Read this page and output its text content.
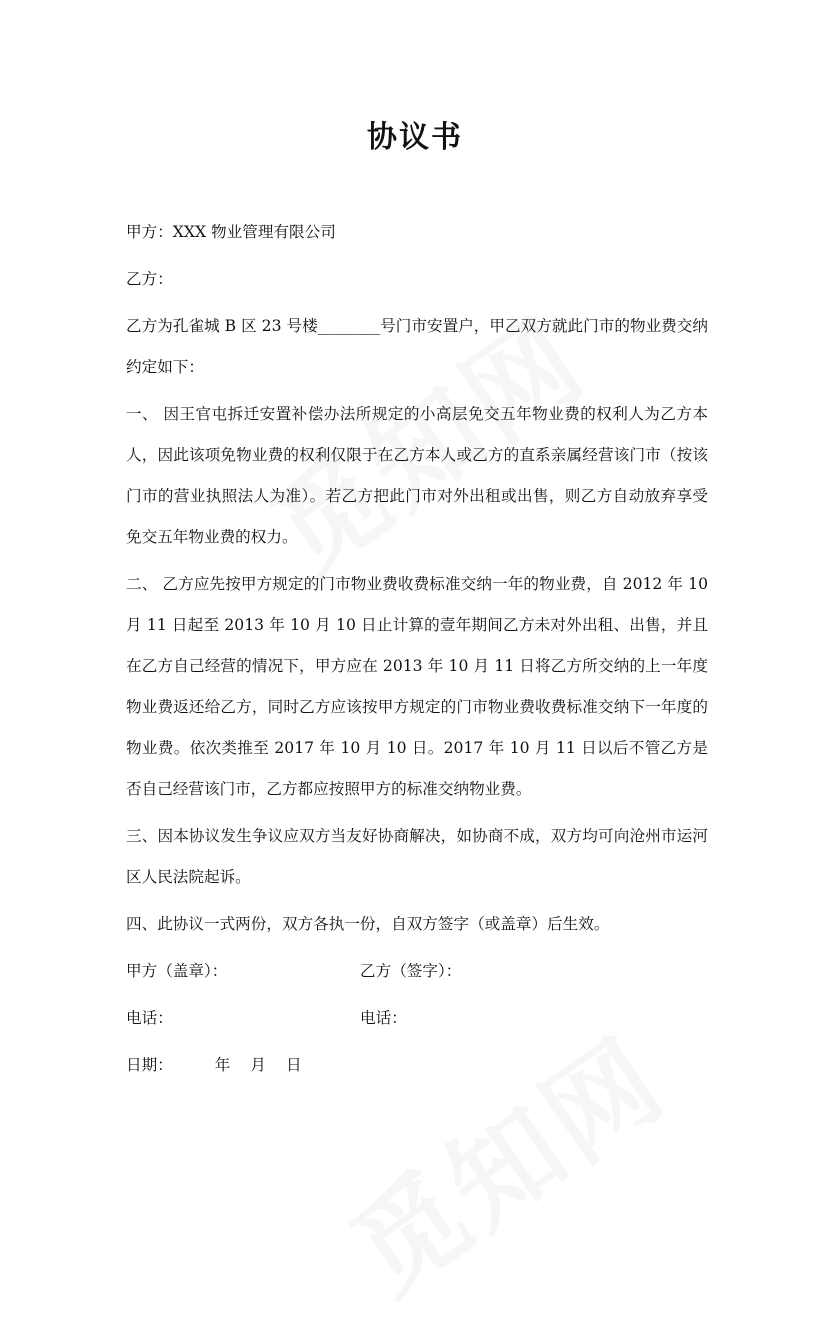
协议书

甲方：XXX 物业管理有限公司

乙方：

乙方为孔雀城 B 区 23 号楼________号门市安置户，甲乙双方就此门市的物业费交纳约定如下：

一、 因王官屯拆迁安置补偿办法所规定的小高层免交五年物业费的权利人为乙方本人，因此该项免物业费的权利仅限于在乙方本人或乙方的直系亲属经营该门市（按该门市的营业执照法人为准）。若乙方把此门市对外出租或出售，则乙方自动放弃享受免交五年物业费的权力。

二、 乙方应先按甲方规定的门市物业费收费标准交纳一年的物业费，自 2012 年 10 月 11 日起至 2013 年 10 月 10 日止计算的壹年期间乙方未对外出租、出售，并且在乙方自己经营的情况下，甲方应在 2013 年 10 月 11 日将乙方所交纳的上一年度物业费返还给乙方，同时乙方应该按甲方规定的门市物业费收费标准交纳下一年度的物业费。依次类推至 2017 年 10 月 10 日。2017 年 10 月 11 日以后不管乙方是否自己经营该门市，乙方都应按照甲方的标准交纳物业费。

三、因本协议发生争议应双方当友好协商解决，如协商不成，双方均可向沧州市运河区人民法院起诉。

四、此协议一式两份，双方各执一份，自双方签字（或盖章）后生效。

甲方（盖章）：	乙方（签字）：
电话：	电话：

日期：	年 月 日
